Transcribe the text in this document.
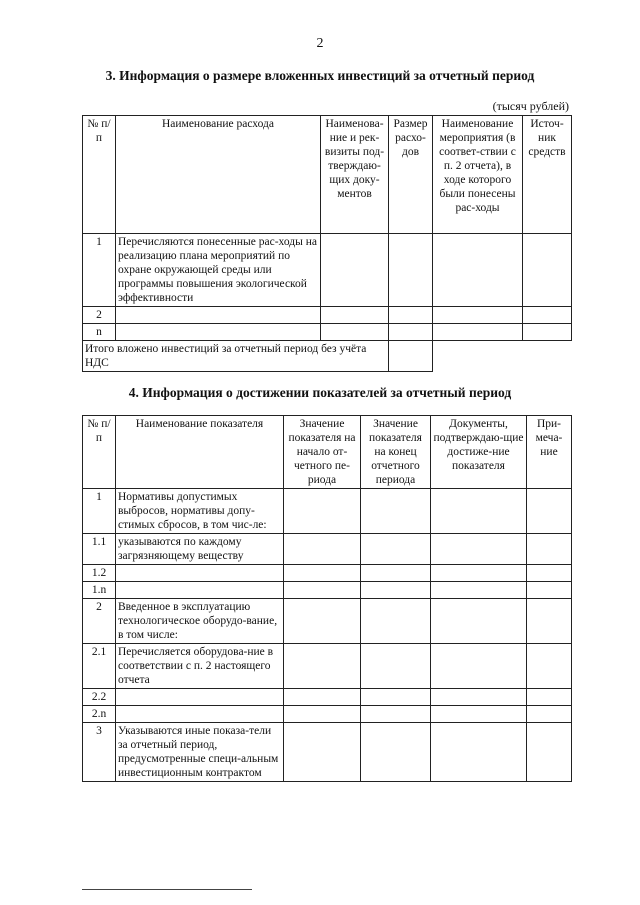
2
3. Информация о размере вложенных инвестиций за отчетный период
(тысяч рублей)
№ п/п	Наименование расхода	Наименова-ние и рек-визиты под-тверждаю-щих доку-ментов	Размер расхо-дов	Наименование мероприятия (в соответ-ствии с п. 2 отчета), в ходе которого были понесены рас-ходы	Источ-ник средств
1	Перечисляются понесенные рас-ходы на реализацию плана мероприятий по охране окружающей среды или программы повышения экологической эффективности				
2					
n					
Итого вложено инвестиций за отчетный период без учёта НДС					
4. Информация о достижении показателей за отчетный период
№ п/п	Наименование показателя	Значение показателя на начало от-четного пе-риода	Значение показателя на конец отчетного периода	Документы, подтверждаю-щие достиже-ние показателя	При-меча-ние
1	Нормативы допустимых выбросов, нормативы допу-стимых сбросов, в том чис-ле:				
1.1	указываются по каждому загрязняющему веществу				
1.2					
1.n					
2	Введенное в эксплуатацию технологическое оборудо-вание, в том числе:				
2.1	Перечисляется оборудова-ние в соответствии с п. 2 настоящего отчета				
2.2					
2.n					
3	Указываются иные показа-тели за отчетный период, предусмотренные специ-альным инвестиционным контрактом				
